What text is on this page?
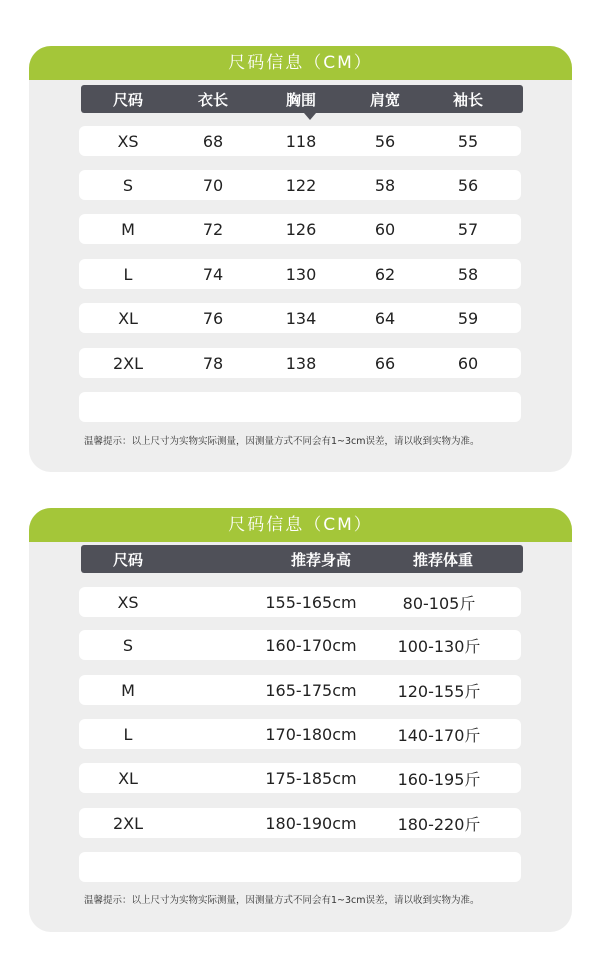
尺码信息（CM）
尺码	衣长	胸围	肩宽	袖长
XS	68	118	56	55
S	70	122	58	56
M	72	126	60	57
L	74	130	62	58
XL	76	134	64	59
2XL	78	138	66	60
温馨提示：以上尺寸为实物实际测量，因测量方式不同会有1~3cm误差，请以收到实物为准。
尺码信息（CM）
尺码	推荐身高	推荐体重
XS	155-165cm	80-105斤
S	160-170cm	100-130斤
M	165-175cm	120-155斤
L	170-180cm	140-170斤
XL	175-185cm	160-195斤
2XL	180-190cm	180-220斤
温馨提示：以上尺寸为实物实际测量，因测量方式不同会有1~3cm误差，请以收到实物为准。
